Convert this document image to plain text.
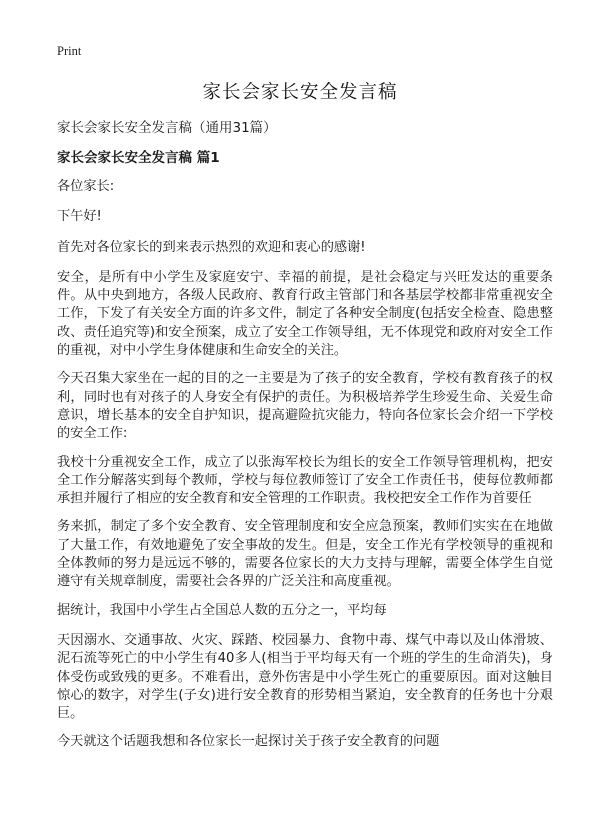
Print
家长会家长安全发言稿

家长会家长安全发言稿（通用31篇）

家长会家长安全发言稿 篇1

各位家长:

下午好!

首先对各位家长的到来表示热烈的欢迎和衷心的感谢!

安全，是所有中小学生及家庭安宁、幸福的前提，是社会稳定与兴旺发达的重要条件。从中央到地方，各级人民政府、教育行政主管部门和各基层学校都非常重视安全工作，下发了有关安全方面的许多文件，制定了各种安全制度(包括安全检查、隐患整改、责任追究等)和安全预案，成立了安全工作领导组，无不体现党和政府对安全工作的重视，对中小学生身体健康和生命安全的关注。

今天召集大家坐在一起的目的之一主要是为了孩子的安全教育，学校有教育孩子的权利，同时也有对孩子的人身安全有保护的责任。为积极培养学生珍爱生命、关爱生命意识，增长基本的安全自护知识，提高避险抗灾能力，特向各位家长会介绍一下学校的安全工作:

我校十分重视安全工作，成立了以张海军校长为组长的安全工作领导管理机构，把安全工作分解落实到每个教师，学校与每位教师签订了安全工作责任书，使每位教师都承担并履行了相应的安全教育和安全管理的工作职责。我校把安全工作作为首要任

务来抓，制定了多个安全教育、安全管理制度和安全应急预案，教师们实实在在地做了大量工作，有效地避免了安全事故的发生。但是，安全工作光有学校领导的重视和全体教师的努力是远远不够的，需要各位家长的大力支持与理解，需要全体学生自觉遵守有关规章制度，需要社会各界的广泛关注和高度重视。

据统计，我国中小学生占全国总人数的五分之一，平均每

天因溺水、交通事故、火灾、踩踏、校园暴力、食物中毒、煤气中毒以及山体滑坡、泥石流等死亡的中小学生有40多人(相当于平均每天有一个班的学生的生命消失)，身体受伤或致残的更多。不难看出，意外伤害是中小学生死亡的重要原因。面对这触目惊心的数字，对学生(子女)进行安全教育的形势相当紧迫，安全教育的任务也十分艰巨。

今天就这个话题我想和各位家长一起探讨关于孩子安全教育的问题
